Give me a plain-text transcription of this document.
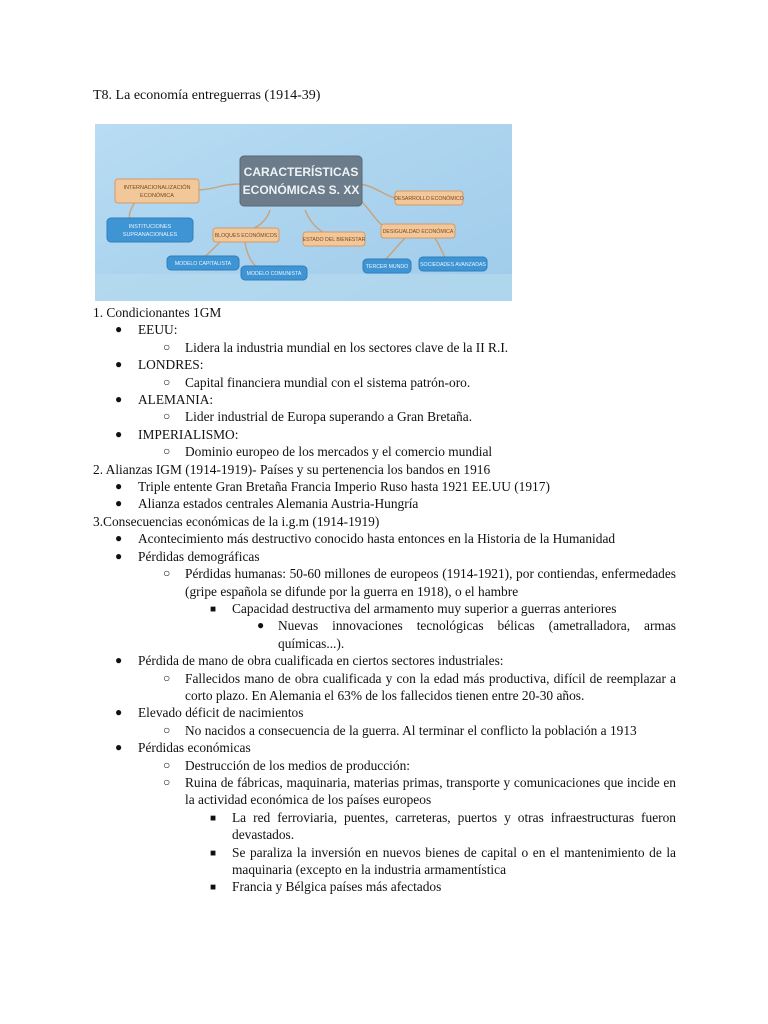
T8. La economía entreguerras (1914-39)
CARACTERÍSTICAS
ECONÓMICAS S. XX
INTERNACIONALIZACIÓN
ECONÓMICA
BLOQUES ECONÓMICOS
ESTADO DEL BIENESTAR
DESARROLLO ECONÓMICO
DESIGUALDAD ECONÓMICA
INSTITUCIONES
SUPRANACIONALES
MODELO CAPITALISTA
MODELO COMUNISTA
TERCER MUNDO SOCIEDADES AVANZADAS

1. Condicionantes 1GM

● EEUU:
○ Lidera la industria mundial en los sectores clave de la II R.I.
● LONDRES:
○ Capital financiera mundial con el sistema patrón-oro.
● ALEMANIA:
○ Lider industrial de Europa superando a Gran Bretaña.
● IMPERIALISMO:
○ Dominio europeo de los mercados y el comercio mundial

2. Alianzas IGM (1914-1919)- Países y su pertenencia los bandos en 1916

● Triple entente Gran Bretaña Francia Imperio Ruso hasta 1921 EE.UU (1917)
● Alianza estados centrales Alemania Austria-Hungría

3.Consecuencias económicas de la i.g.m (1914-1919)

● Acontecimiento más destructivo conocido hasta entonces en la Historia de la Humanidad
● Pérdidas demográficas
○ Pérdidas humanas: 50-60 millones de europeos (1914-1921), por contiendas, enfermedades (gripe española se difunde por la guerra en 1918), o el hambre
■ Capacidad destructiva del armamento muy superior a guerras anteriores
● Nuevas innovaciones tecnológicas bélicas (ametralladora, armas químicas...).
● Pérdida de mano de obra cualificada en ciertos sectores industriales:
○ Fallecidos mano de obra cualificada y con la edad más productiva, difícil de reemplazar a corto plazo. En Alemania el 63% de los fallecidos tienen entre 20-30 años.
● Elevado déficit de nacimientos
○ No nacidos a consecuencia de la guerra. Al terminar el conflicto la población a 1913
● Pérdidas económicas
○ Destrucción de los medios de producción:
○ Ruina de fábricas, maquinaria, materias primas, transporte y comunicaciones que incide en la actividad económica de los países europeos
■ La red ferroviaria, puentes, carreteras, puertos y otras infraestructuras fueron devastados.
■ Se paraliza la inversión en nuevos bienes de capital o en el mantenimiento de la maquinaria (excepto en la industria armamentística
■ Francia y Bélgica países más afectados
